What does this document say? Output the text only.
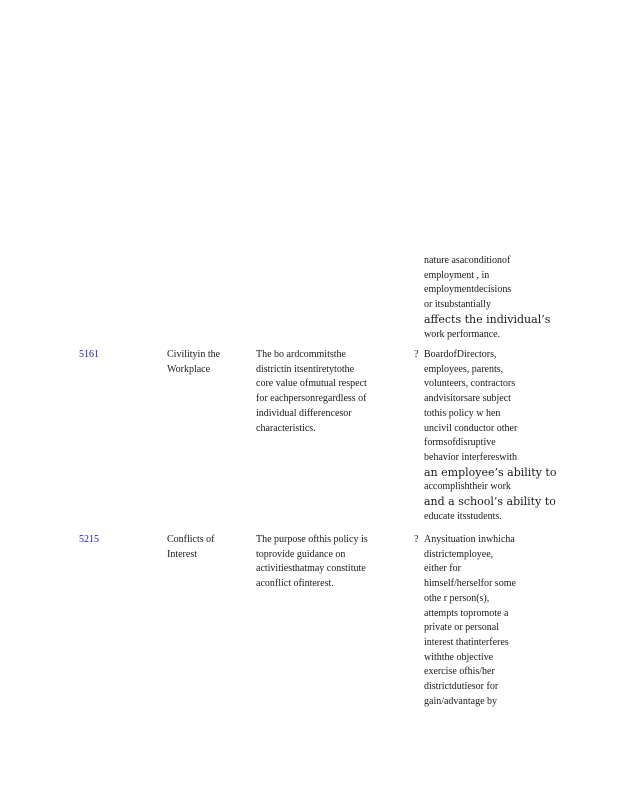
nature asaconditionof
employment , in
employmentdecisions
or itsubstantially
affects the individual’s
work performance.
5161	Civilityin the
Workplace
The bo ardcommitsthe
districtin itsentiretytothe
core value ofmutual respect
for eachpersonregardless of
individual differencesor
characteristics.
? BoardofDirectors,
employees, parents,
volunteers, contractors
andvisitorsare subject
tothis policy w hen
uncivil conductor other
formsofdisruptive
behavior interfereswith
an employee’s ability to
accomplishtheir work
and a school’s ability to
educate itsstudents.
5215	Conflicts of
Interest
The purpose ofthis policy is
toprovide guidance on
activitiesthatmay constitute
aconflict ofinterest.
? Anysituation inwhicha
districtemployee,
either for
himself/herselfor some
othe r person(s),
attempts topromote a
private or personal
interest thatinterferes
withthe objective
exercise ofhis/her
districtdutiesor for
gain/advantage by
